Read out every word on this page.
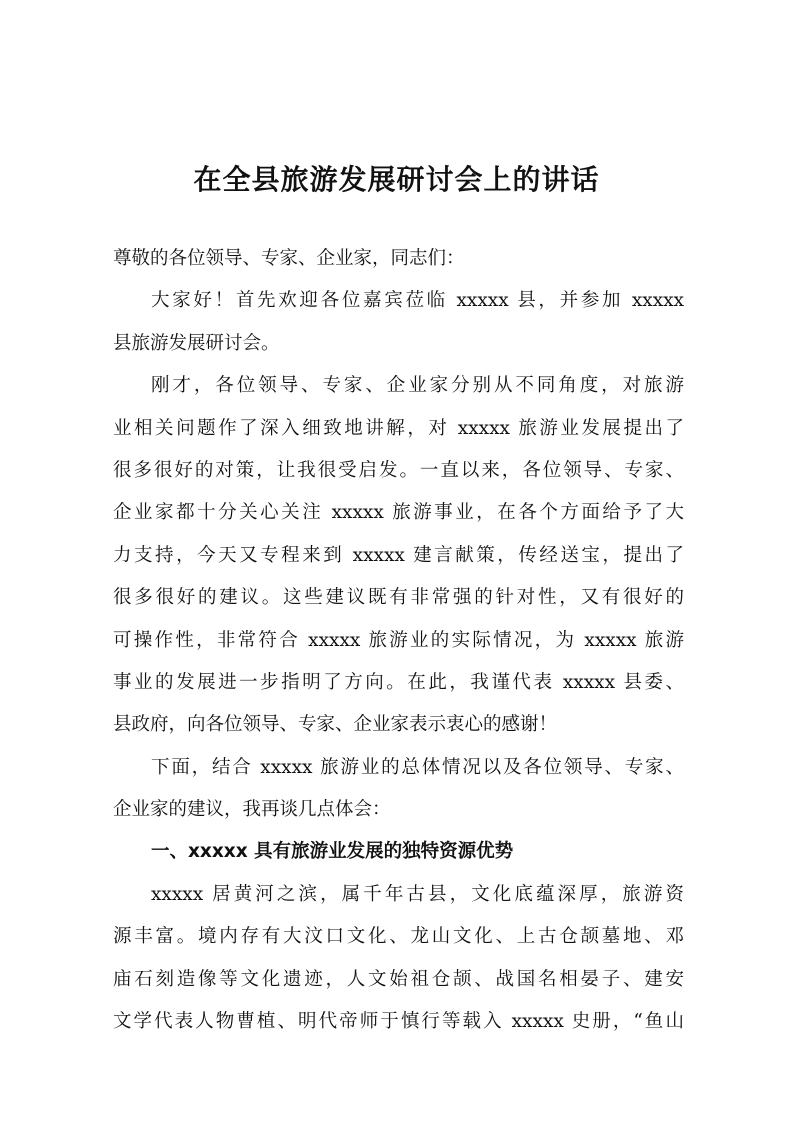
在全县旅游发展研讨会上的讲话
尊敬的各位领导、专家、企业家，同志们：
大家好！首先欢迎各位嘉宾莅临 xxxxx 县，并参加 xxxxx
县旅游发展研讨会。
刚才，各位领导、专家、企业家分别从不同角度，对旅游
业相关问题作了深入细致地讲解，对 xxxxx 旅游业发展提出了
很多很好的对策，让我很受启发。一直以来，各位领导、专家、
企业家都十分关心关注 xxxxx 旅游事业，在各个方面给予了大
力支持，今天又专程来到 xxxxx 建言献策，传经送宝，提出了
很多很好的建议。这些建议既有非常强的针对性，又有很好的
可操作性，非常符合 xxxxx 旅游业的实际情况，为 xxxxx 旅游
事业的发展进一步指明了方向。在此，我谨代表 xxxxx 县委、
县政府，向各位领导、专家、企业家表示衷心的感谢！
下面，结合 xxxxx 旅游业的总体情况以及各位领导、专家、
企业家的建议，我再谈几点体会：
一、xxxxx 具有旅游业发展的独特资源优势
xxxxx 居黄河之滨，属千年古县，文化底蕴深厚，旅游资
源丰富。境内存有大汶口文化、龙山文化、上古仓颉墓地、邓
庙石刻造像等文化遗迹，人文始祖仓颉、战国名相晏子、建安
文学代表人物曹植、明代帝师于慎行等载入 xxxxx 史册，“鱼山
